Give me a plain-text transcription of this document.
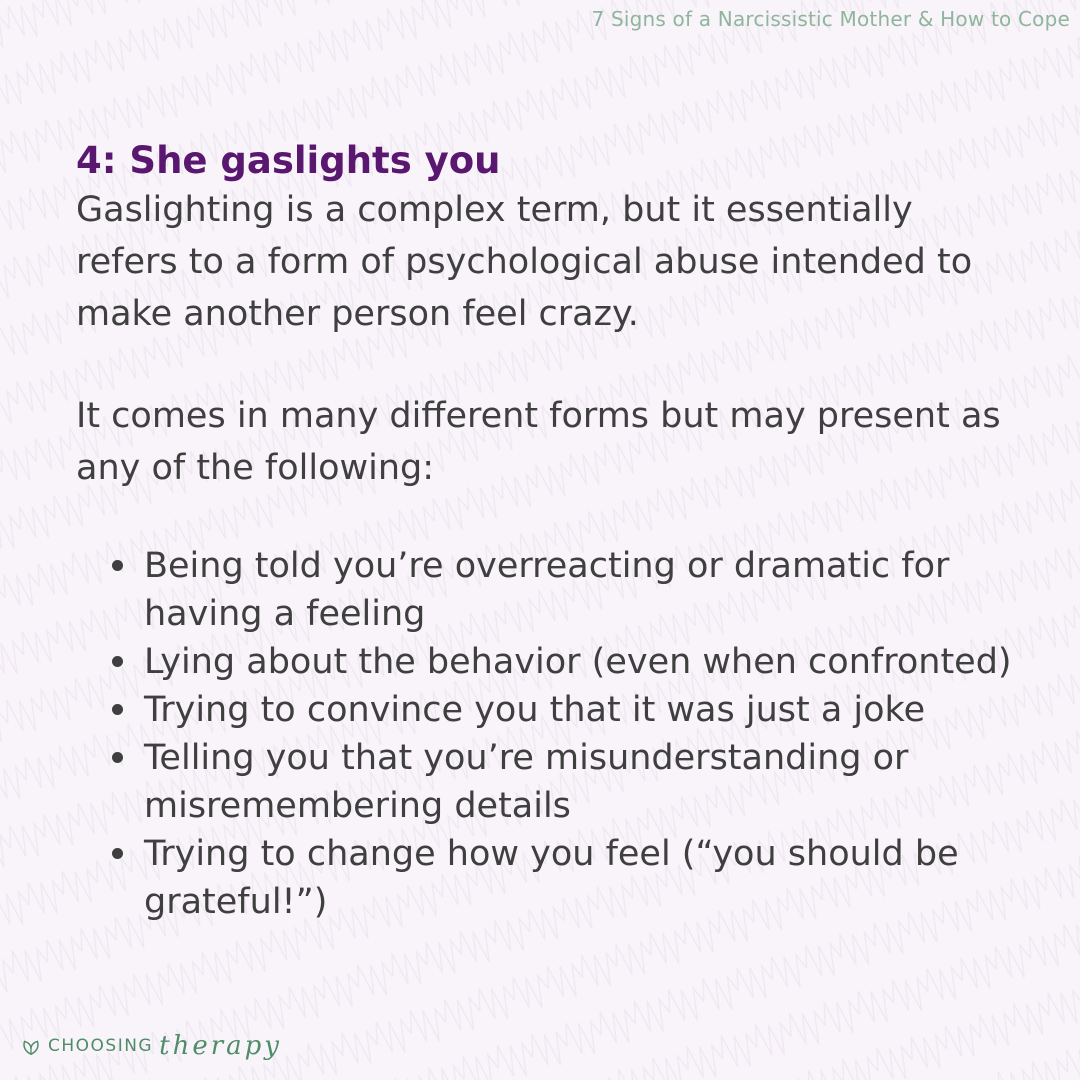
7 Signs of a Narcissistic Mother & How to Cope
4: She gaslights you

Gaslighting is a complex term, but it essentially refers to a form of psychological abuse intended to make another person feel crazy.

It comes in many different forms but may present as any of the following:

Being told you’re overreacting or dramatic for having a feeling
Lying about the behavior (even when confronted)
Trying to convince you that it was just a joke
Telling you that you’re misunderstanding or misremembering details
Trying to change how you feel (“you should be grateful!”)
CHOOSING therapy
